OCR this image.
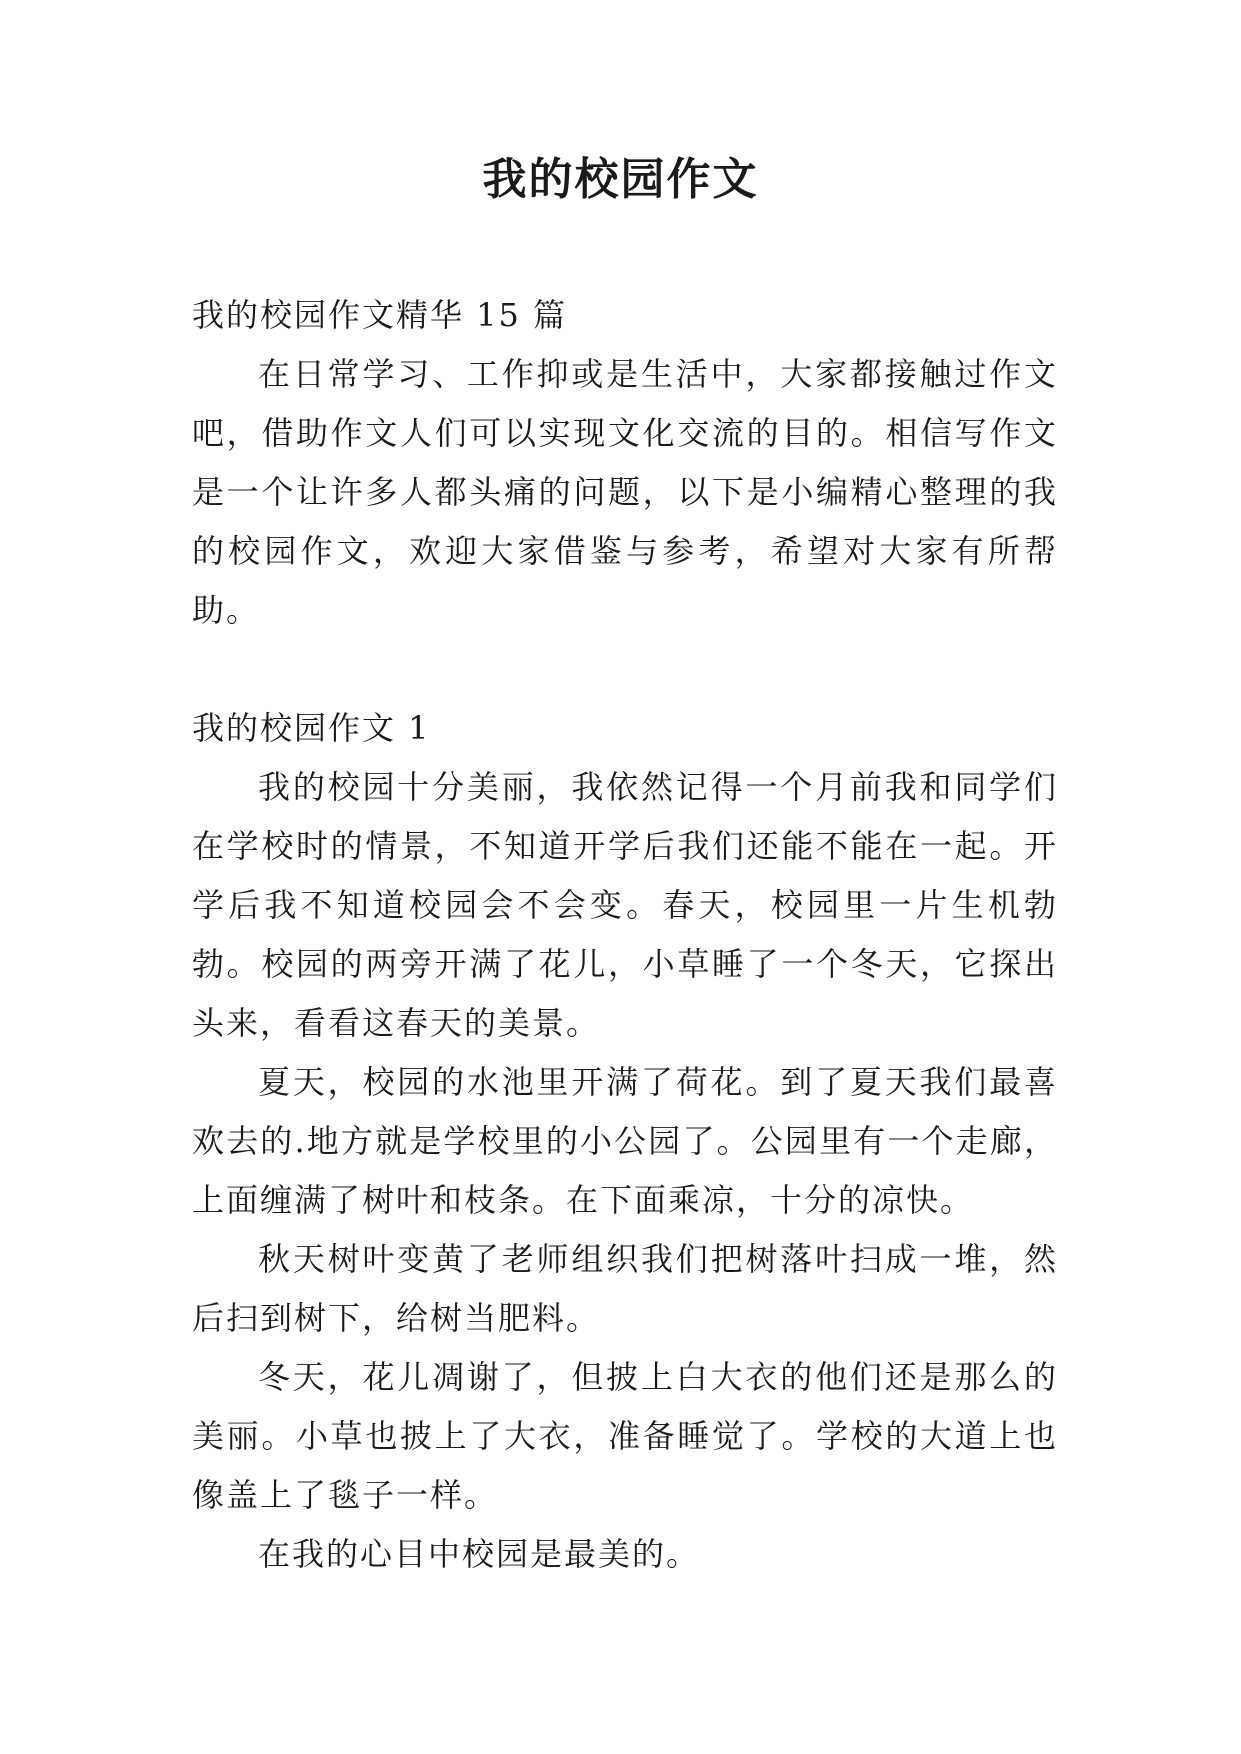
我的校园作文

我的校园作文精华 15 篇

在日常学习、工作抑或是生活中，大家都接触过作文吧，借助作文人们可以实现文化交流的目的。相信写作文是一个让许多人都头痛的问题，以下是小编精心整理的我的校园作文，欢迎大家借鉴与参考，希望对大家有所帮助。

我的校园作文 1

我的校园十分美丽，我依然记得一个月前我和同学们在学校时的情景，不知道开学后我们还能不能在一起。开学后我不知道校园会不会变。春天，校园里一片生机勃勃。校园的两旁开满了花儿，小草睡了一个冬天，它探出头来，看看这春天的美景。

夏天，校园的水池里开满了荷花。到了夏天我们最喜欢去的.地方就是学校里的小公园了。公园里有一个走廊，上面缠满了树叶和枝条。在下面乘凉，十分的凉快。

秋天树叶变黄了老师组织我们把树落叶扫成一堆，然后扫到树下，给树当肥料。

冬天，花儿凋谢了，但披上白大衣的他们还是那么的美丽。小草也披上了大衣，准备睡觉了。学校的大道上也像盖上了毯子一样。

在我的心目中校园是最美的。
